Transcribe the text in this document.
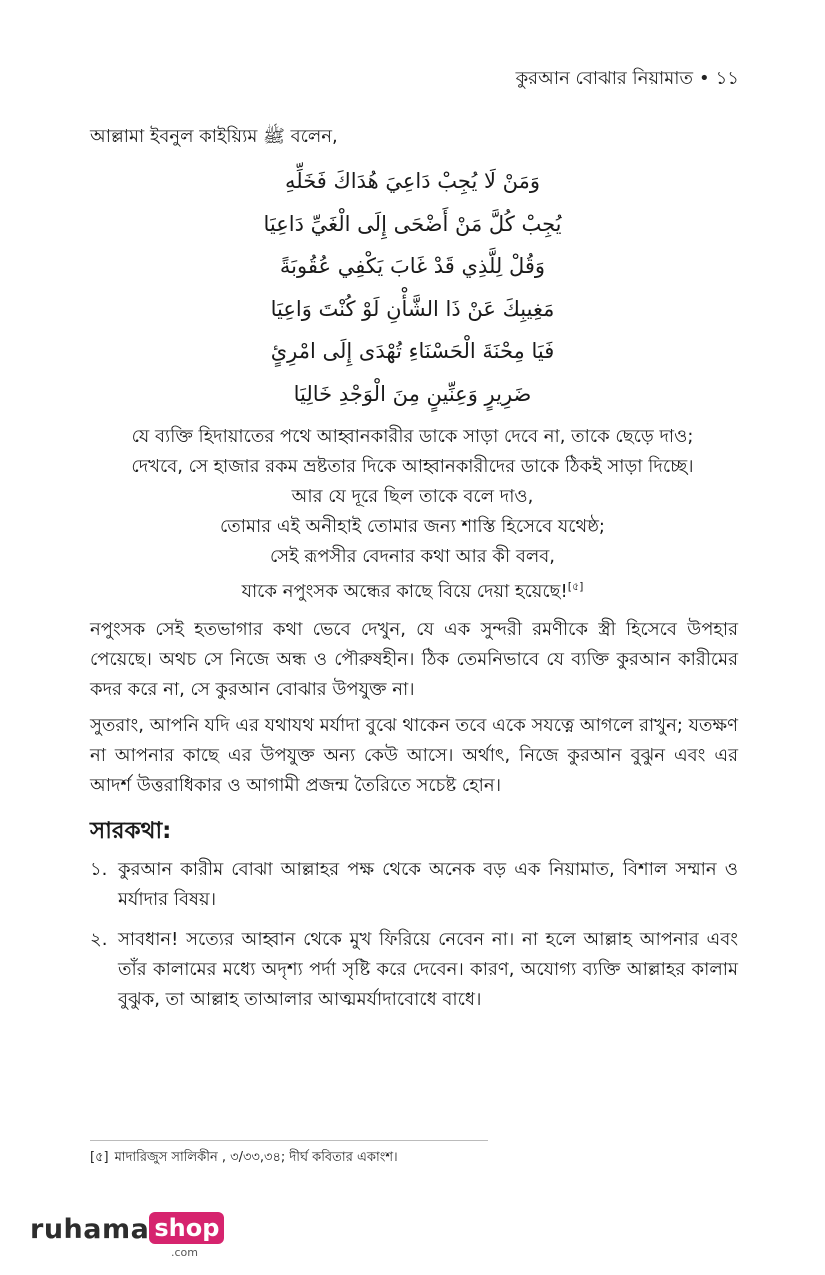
কুরআন বোঝার নিয়ামাত • ১১
আল্লামা ইবনুল কাইয়্যিম ﷺ বলেন,
وَمَنْ لَا يُجِبْ دَاعِيَ هُدَاكَ فَخَلِّهِ
يُجِبْ كُلَّ مَنْ أَضْحَى إِلَى الْغَيِّ دَاعِيَا
وَقُلْ لِلَّذِي قَدْ غَابَ يَكْفِي عُقُوبَةً
مَغِيبِكَ عَنْ ذَا الشَّأْنِ لَوْ كُنْتَ وَاعِيَا
فَيَا مِحْنَةَ الْحَسْنَاءِ تُهْدَى إِلَى امْرِئٍ
ضَرِيرٍ وَعِنِّينٍ مِنَ الْوَجْدِ خَالِيَا
যে ব্যক্তি হিদায়াতের পথে আহ্বানকারীর ডাকে সাড়া দেবে না, তাকে ছেড়ে দাও;
দেখবে, সে হাজার রকম ভ্রষ্টতার দিকে আহ্বানকারীদের ডাকে ঠিকই সাড়া দিচ্ছে।
আর যে দূরে ছিল তাকে বলে দাও,
তোমার এই অনীহাই তোমার জন্য শাস্তি হিসেবে যথেষ্ঠ;
সেই রূপসীর বেদনার কথা আর কী বলব,
যাকে নপুংসক অন্ধের কাছে বিয়ে দেয়া হয়েছে![৫]

নপুংসক সেই হতভাগার কথা ভেবে দেখুন, যে এক সুন্দরী রমণীকে স্ত্রী হিসেবে উপহার পেয়েছে। অথচ সে নিজে অন্ধ ও পৌরুষহীন। ঠিক তেমনিভাবে যে ব্যক্তি কুরআন কারীমের কদর করে না, সে কুরআন বোঝার উপযুক্ত না।

সুতরাং, আপনি যদি এর যথাযথ মর্যাদা বুঝে থাকেন তবে একে সযত্নে আগলে রাখুন; যতক্ষণ না আপনার কাছে এর উপযুক্ত অন্য কেউ আসে। অর্থাৎ, নিজে কুরআন বুঝুন এবং এর আদর্শ উত্তরাধিকার ও আগামী প্রজন্ম তৈরিতে সচেষ্ট হোন।

সারকথা:
১. কুরআন কারীম বোঝা আল্লাহর পক্ষ থেকে অনেক বড় এক নিয়ামাত, বিশাল সম্মান ও মর্যাদার বিষয়।
২. সাবধান! সত্যের আহ্বান থেকে মুখ ফিরিয়ে নেবেন না। না হলে আল্লাহ আপনার এবং তাঁর কালামের মধ্যে অদৃশ্য পর্দা সৃষ্টি করে দেবেন। কারণ, অযোগ্য ব্যক্তি আল্লাহর কালাম বুঝুক, তা আল্লাহ তাআলার আত্মমর্যাদাবোধে বাধে।
[৫] মাদারিজুস সালিকীন , ৩/৩৩,৩৪; দীর্ঘ কবিতার একাংশ।
ruhama shop
.com
